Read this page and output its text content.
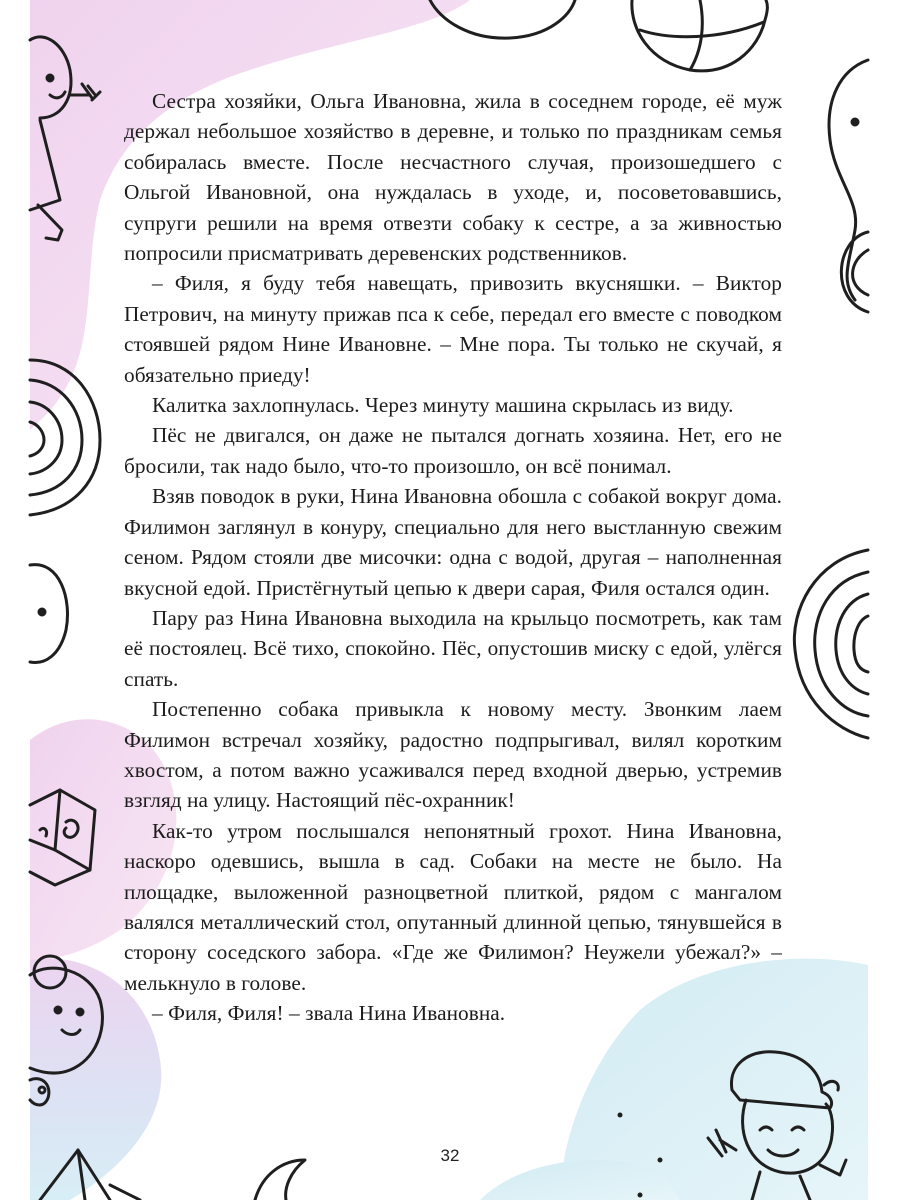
Сестра хозяйки, Ольга Ивановна, жила в соседнем городе, её муж держал небольшое хозяйство в деревне, и только по праздникам семья собиралась вместе. После несчастного случая, произошедшего с Ольгой Ивановной, она нуждалась в уходе, и, посоветовавшись, супруги решили на время отвезти собаку к сестре, а за живностью попросили присматривать деревенских родственников.

– Филя, я буду тебя навещать, привозить вкусняшки. – Виктор Петрович, на минуту прижав пса к себе, передал его вместе с поводком стоявшей рядом Нине Ивановне. – Мне пора. Ты только не скучай, я обязательно приеду!

Калитка захлопнулась. Через минуту машина скрылась из виду.

Пёс не двигался, он даже не пытался догнать хозяина. Нет, его не бросили, так надо было, что-то произошло, он всё понимал.

Взяв поводок в руки, Нина Ивановна обошла с собакой вокруг дома. Филимон заглянул в конуру, специально для него выстланную свежим сеном. Рядом стояли две мисочки: одна с водой, другая – наполненная вкусной едой. Пристёгнутый цепью к двери сарая, Филя остался один.

Пару раз Нина Ивановна выходила на крыльцо посмотреть, как там её постоялец. Всё тихо, спокойно. Пёс, опустошив миску с едой, улёгся спать.

Постепенно собака привыкла к новому месту. Звонким лаем Филимон встречал хозяйку, радостно подпрыгивал, вилял коротким хвостом, а потом важно усаживался перед входной дверью, устремив взгляд на улицу. Настоящий пёс-охранник!

Как-то утром послышался непонятный грохот. Нина Ивановна, наскоро одевшись, вышла в сад. Собаки на месте не было. На площадке, выложенной разноцветной плиткой, рядом с мангалом валялся металлический стол, опутанный длинной цепью, тянувшейся в сторону соседского забора. «Где же Филимон? Неужели убежал?» – мелькнуло в голове.

– Филя, Филя! – звала Нина Ивановна.

32
